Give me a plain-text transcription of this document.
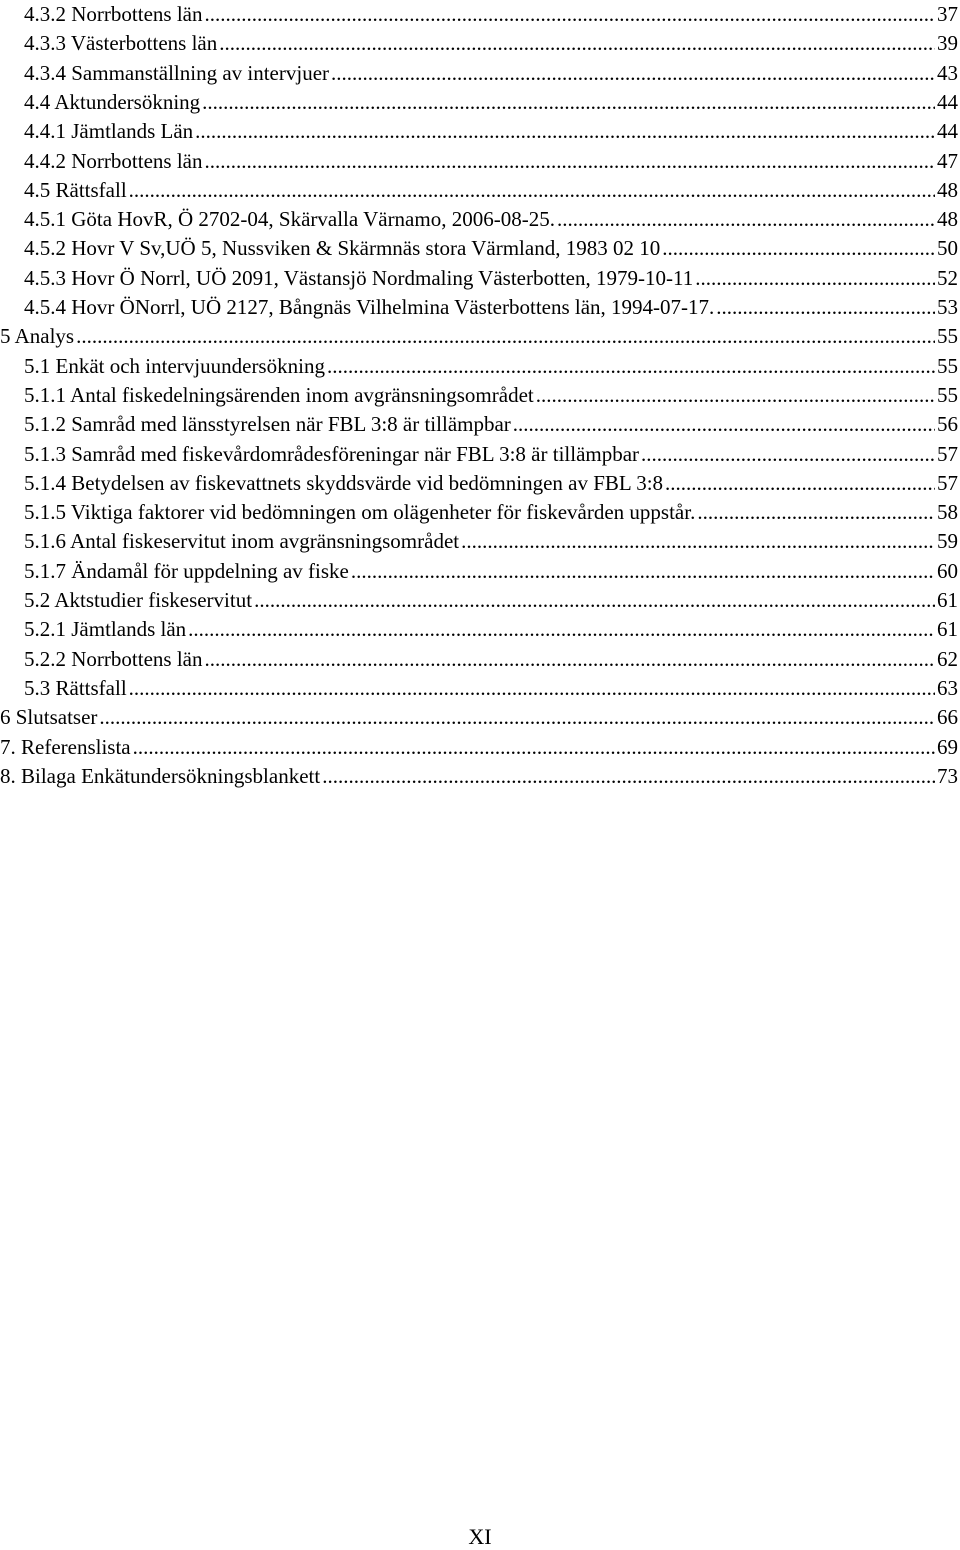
4.3.2 Norrbottens län .....	37
4.3.3 Västerbottens län .....	39
4.3.4 Sammanställning av intervjuer .....	43
4.4 Aktundersökning .....	44
4.4.1 Jämtlands Län .....	44
4.4.2 Norrbottens län .....	47
4.5 Rättsfall .....	48
4.5.1 Göta HovR, Ö 2702-04, Skärvalla Värnamo, 2006-08-25. .....	48
4.5.2 Hovr V Sv,UÖ 5, Nussviken & Skärmnäs stora Värmland, 1983 02 10 .....	50
4.5.3 Hovr Ö Norrl, UÖ 2091, Västansjö Nordmaling Västerbotten, 1979-10-11 .....	52
4.5.4 Hovr ÖNorrl, UÖ 2127, Bångnäs Vilhelmina Västerbottens län, 1994-07-17. .....	53
5 Analys .....	55
5.1 Enkät och intervjuundersökning .....	55
5.1.1 Antal fiskedelningsärenden inom avgränsningsområdet .....	55
5.1.2 Samråd med länsstyrelsen när FBL 3:8 är tillämpbar .....	56
5.1.3 Samråd med fiskevårdområdesföreningar när FBL 3:8 är tillämpbar .....	57
5.1.4 Betydelsen av fiskevattnets skyddsvärde vid bedömningen av FBL 3:8 .....	57
5.1.5 Viktiga faktorer vid bedömningen om olägenheter för fiskevården uppstår. .....	58
5.1.6 Antal fiskeservitut inom avgränsningsområdet .....	59
5.1.7 Ändamål för uppdelning av fiske .....	60
5.2 Aktstudier fiskeservitut .....	61
5.2.1 Jämtlands län .....	61
5.2.2 Norrbottens län .....	62
5.3 Rättsfall .....	63
6 Slutsatser .....	66
7. Referenslista .....	69
8. Bilaga Enkätundersökningsblankett .....	73
XI
